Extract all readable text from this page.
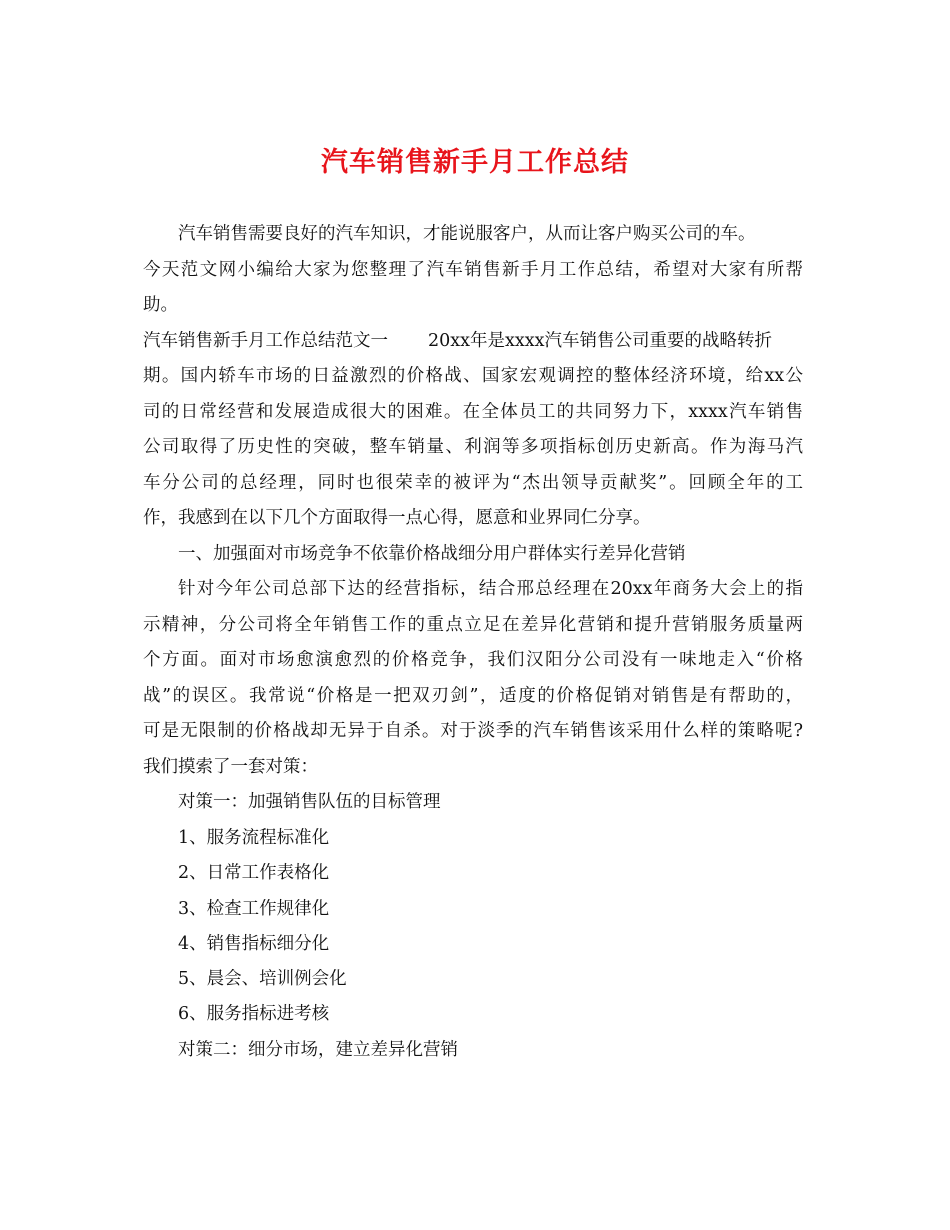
汽车销售新手月工作总结
汽车销售需要良好的汽车知识，才能说服客户，从而让客户购买公司的车。
今天范文网小编给大家为您整理了汽车销售新手月工作总结，希望对大家有所帮
助。
汽车销售新手月工作总结范文一 20xx年是xxxx汽车销售公司重要的战略转折
期。国内轿车市场的日益激烈的价格战、国家宏观调控的整体经济环境，给xx公
司的日常经营和发展造成很大的困难。在全体员工的共同努力下，xxxx汽车销售
公司取得了历史性的突破，整车销量、利润等多项指标创历史新高。作为海马汽
车分公司的总经理，同时也很荣幸的被评为“杰出领导贡献奖”。回顾全年的工
作，我感到在以下几个方面取得一点心得，愿意和业界同仁分享。
一、加强面对市场竞争不依靠价格战细分用户群体实行差异化营销
针对今年公司总部下达的经营指标，结合邢总经理在20xx年商务大会上的指
示精神，分公司将全年销售工作的重点立足在差异化营销和提升营销服务质量两
个方面。面对市场愈演愈烈的价格竞争，我们汉阳分公司没有一味地走入“价格
战”的误区。我常说“价格是一把双刃剑”，适度的价格促销对销售是有帮助的，
可是无限制的价格战却无异于自杀。对于淡季的汽车销售该采用什么样的策略呢?
我们摸索了一套对策：
对策一：加强销售队伍的目标管理
1、服务流程标准化
2、日常工作表格化
3、检查工作规律化
4、销售指标细分化
5、晨会、培训例会化
6、服务指标进考核
对策二：细分市场，建立差异化营销
